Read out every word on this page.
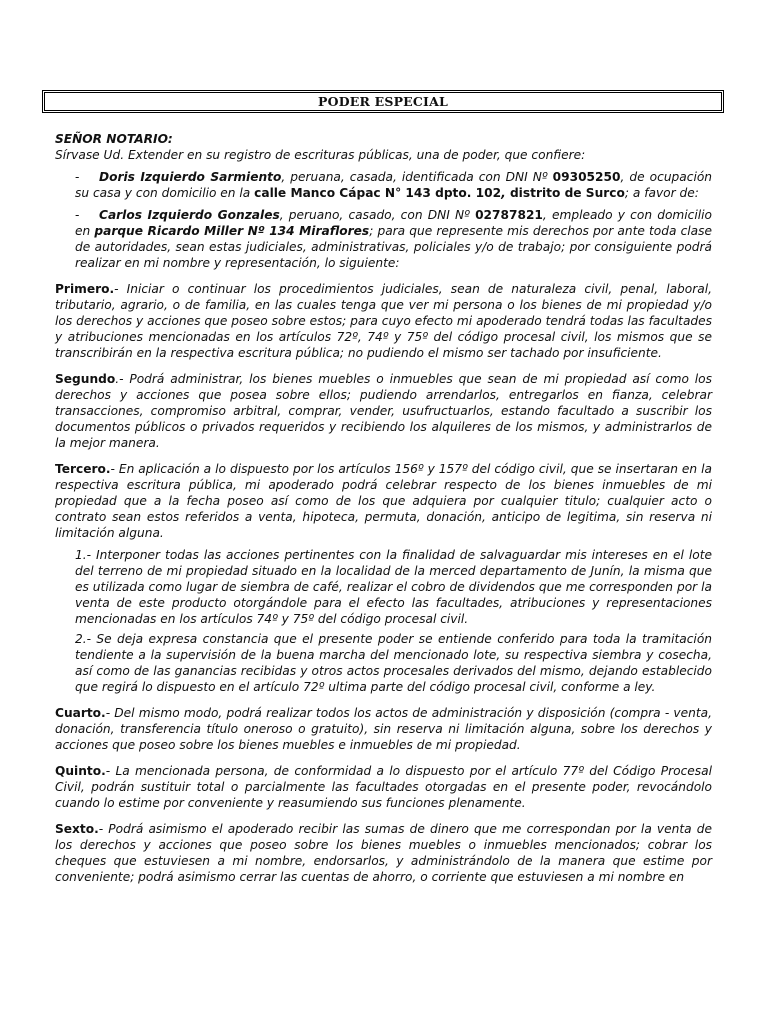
PODER ESPECIAL

SEÑOR NOTARIO:

Sírvase Ud. Extender en su registro de escrituras públicas, una de poder, que confiere:

- Doris Izquierdo Sarmiento, peruana, casada, identificada con DNI Nº 09305250, de ocupación su casa y con domicilio en la calle Manco Cápac N° 143 dpto. 102, distrito de Surco; a favor de:

- Carlos Izquierdo Gonzales, peruano, casado, con DNI Nº 02787821, empleado y con domicilio en parque Ricardo Miller Nº 134 Miraflores; para que represente mis derechos por ante toda clase de autoridades, sean estas judiciales, administrativas, policiales y/o de trabajo; por consiguiente podrá realizar en mi nombre y representación, lo siguiente:

Primero.- Iniciar o continuar los procedimientos judiciales, sean de naturaleza civil, penal, laboral, tributario, agrario, o de familia, en las cuales tenga que ver mi persona o los bienes de mi propiedad y/o los derechos y acciones que poseo sobre estos; para cuyo efecto mi apoderado tendrá todas las facultades y atribuciones mencionadas en los artículos 72º, 74º y 75º del código procesal civil, los mismos que se transcribirán en la respectiva escritura pública; no pudiendo el mismo ser tachado por insuficiente.

Segundo.- Podrá administrar, los bienes muebles o inmuebles que sean de mi propiedad así como los derechos y acciones que posea sobre ellos; pudiendo arrendarlos, entregarlos en fianza, celebrar transacciones, compromiso arbitral, comprar, vender, usufructuarlos, estando facultado a suscribir los documentos públicos o privados requeridos y recibiendo los alquileres de los mismos, y administrarlos de la mejor manera.

Tercero.- En aplicación a lo dispuesto por los artículos 156º y 157º del código civil, que se insertaran en la respectiva escritura pública, mi apoderado podrá celebrar respecto de los bienes inmuebles de mi propiedad que a la fecha poseo así como de los que adquiera por cualquier titulo; cualquier acto o contrato sean estos referidos a venta, hipoteca, permuta, donación, anticipo de legitima, sin reserva ni limitación alguna.

1.- Interponer todas las acciones pertinentes con la finalidad de salvaguardar mis intereses en el lote del terreno de mi propiedad situado en la localidad de la merced departamento de Junín, la misma que es utilizada como lugar de siembra de café, realizar el cobro de dividendos que me corresponden por la venta de este producto otorgándole para el efecto las facultades, atribuciones y representaciones mencionadas en los artículos 74º y 75º del código procesal civil.

2.- Se deja expresa constancia que el presente poder se entiende conferido para toda la tramitación tendiente a la supervisión de la buena marcha del mencionado lote, su respectiva siembra y cosecha, así como de las ganancias recibidas y otros actos procesales derivados del mismo, dejando establecido que regirá lo dispuesto en el artículo 72º ultima parte del código procesal civil, conforme a ley.

Cuarto.- Del mismo modo, podrá realizar todos los actos de administración y disposición (compra - venta, donación, transferencia título oneroso o gratuito), sin reserva ni limitación alguna, sobre los derechos y acciones que poseo sobre los bienes muebles e inmuebles de mi propiedad.

Quinto.- La mencionada persona, de conformidad a lo dispuesto por el artículo 77º del Código Procesal Civil, podrán sustituir total o parcialmente las facultades otorgadas en el presente poder, revocándolo cuando lo estime por conveniente y reasumiendo sus funciones plenamente.

Sexto.- Podrá asimismo el apoderado recibir las sumas de dinero que me correspondan por la venta de los derechos y acciones que poseo sobre los bienes muebles o inmuebles mencionados; cobrar los cheques que estuviesen a mi nombre, endorsarlos, y administrándolo de la manera que estime por conveniente; podrá asimismo cerrar las cuentas de ahorro, o corriente que estuviesen a mi nombre en
